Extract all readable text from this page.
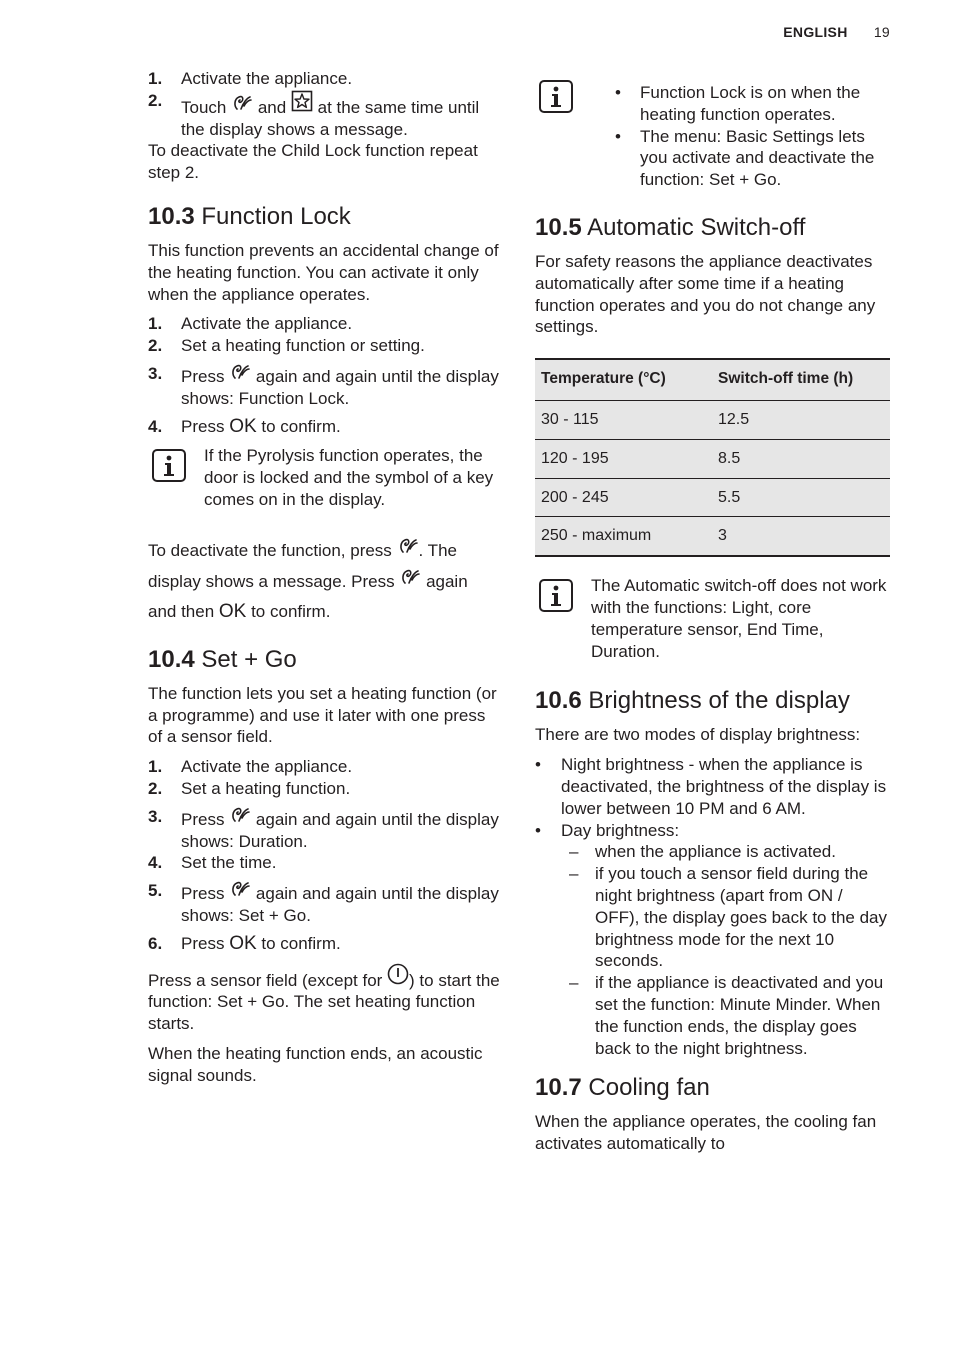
ENGLISH 19
1. Activate the appliance.
2. Touch  and  at the same time until the display shows a message.

To deactivate the Child Lock function repeat step 2.

10.3 Function Lock

This function prevents an accidental change of the heating function. You can activate it only when the appliance operates.

1. Activate the appliance.
2. Set a heating function or setting.
3. Press  again and again until the display shows: Function Lock.
4. Press OK to confirm.

If the Pyrolysis function operates, the door is locked and the symbol of a key comes on in the display.

To deactivate the function, press . The display shows a message. Press  again and then OK to confirm.

10.4 Set + Go

The function lets you set a heating function (or a programme) and use it later with one press of a sensor field.

1. Activate the appliance.
2. Set a heating function.
3. Press  again and again until the display shows: Duration.
4. Set the time.
5. Press  again and again until the display shows: Set + Go.
6. Press OK to confirm.

Press a sensor field (except for ) to start the function: Set + Go. The set heating function starts.

When the heating function ends, an acoustic signal sounds.

• Function Lock is on when the heating function operates.
• The menu: Basic Settings lets you activate and deactivate the function: Set + Go.
10.5 Automatic Switch-off

For safety reasons the appliance deactivates automatically after some time if a heating function operates and you do not change any settings.

Temperature (°C)	Switch-off time (h)
30 - 115	12.5
120 - 195	8.5
200 - 245	5.5
250 - maximum	3

The Automatic switch-off does not work with the functions: Light, core temperature sensor, End Time, Duration.

10.6 Brightness of the display

There are two modes of display brightness:

• Night brightness - when the appliance is deactivated, the brightness of the display is lower between 10 PM and 6 AM.
• Day brightness:
– when the appliance is activated.
– if you touch a sensor field during the night brightness (apart from ON / OFF), the display goes back to the day brightness mode for the next 10 seconds.
– if the appliance is deactivated and you set the function: Minute Minder. When the function ends, the display goes back to the night brightness.
10.7 Cooling fan

When the appliance operates, the cooling fan activates automatically to
